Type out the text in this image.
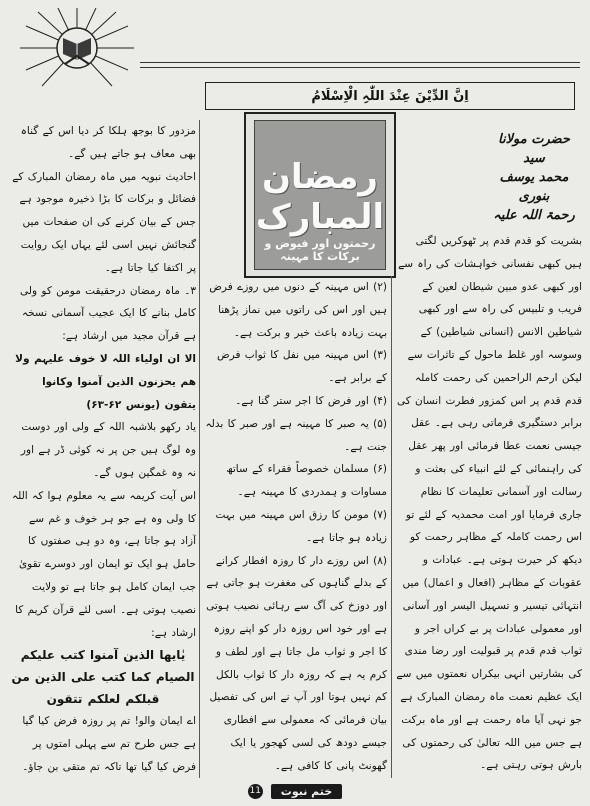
اِنَّ الدِّیْنَ عِنْدَ اللّٰہِ الْاِسْلَامُ
رمضان المبارک
رحمتوں اور فیوض و برکات کا مہینہ
حضرت مولانا سید
محمد یوسف بنوری
رحمۃ اللہ علیہ

بشریت کو قدم قدم پر ٹھوکریں لگتی ہیں کبھی نفسانی خواہشات کی راہ سے اور کبھی عدو مبین شیطان لعین کے فریب و تلبیس کی راہ سے اور کبھی شیاطین الانس (انسانی شیاطین) کے وسوسہ اور غلط ماحول کے تاثرات سے لیکن ارحم الراحمین کی رحمت کاملہ قدم قدم پر اس کمزور فطرت انسان کی برابر دستگیری فرماتی رہی ہے۔ عقل جیسی نعمت عطا فرمائی اور پھر عقل کی راہنمائی کے لئے انبیاء کی بعثت و رسالت اور آسمانی تعلیمات کا نظام جاری فرمایا اور امت محمدیہ کے لئے تو اس رحمت کاملہ کے مظاہر رحمت کو دیکھ کر حیرت ہوتی ہے۔ عبادات و عقوبات کے مظاہر (افعال و اعمال) میں انتہائی تیسیر و تسہیل الیسر اور آسانی اور معمولی عبادات پر بے کراں اجر و ثواب قدم قدم پر قبولیت اور رضا مندی کی بشارتیں انہی بیکراں نعمتوں میں سے ایک عظیم نعمت ماہ رمضان المبارک ہے جو نہی آیا ماہ رحمت ہے اور ماہ برکت ہے جس میں اللہ تعالیٰ کی رحمتوں کی بارش ہوتی رہتی ہے۔

(۲) اس مہینہ کے دنوں میں روزے فرض ہیں اور اس کی راتوں میں نماز پڑھنا بہت زیادہ باعث خیر و برکت ہے۔

(۳) اس مہینہ میں نفل کا ثواب فرض کے برابر ہے۔

(۴) اور فرض کا اجر ستر گنا ہے۔

(۵) یہ صبر کا مہینہ ہے اور صبر کا بدلہ جنت ہے۔

(۶) مسلمان خصوصاً فقراء کے ساتھ مساوات و ہمدردی کا مہینہ ہے۔

(۷) مومن کا رزق اس مہینہ میں بہت زیادہ ہو جاتا ہے۔

(۸) اس روزے دار کا روزہ افطار کرانے کے بدلے گناہوں کی مغفرت ہو جاتی ہے اور دوزخ کی آگ سے رہائی نصیب ہوتی ہے اور خود اس روزہ دار کو اپنے روزہ کا اجر و ثواب مل جاتا ہے اور لطف و کرم یہ ہے کہ روزہ دار کا ثواب بالکل کم نہیں ہوتا اور آپ نے اس کی تفصیل بیان فرمائی کہ معمولی سے افطاری جیسے دودھ کی لسی کھجور یا ایک گھونٹ پانی کا کافی ہے۔

مزدور کا بوجھ ہلکا کر دیا اس کے گناہ بھی معاف ہو جاتے ہیں گے۔

احادیث نبویہ میں ماہ رمضان المبارک کے فضائل و برکات کا بڑا ذخیرہ موجود ہے جس کے بیان کرنے کی ان صفحات میں گنجائش نہیں اسی لئے یہاں ایک روایت پر اکتفا کیا جاتا ہے۔

۳۔ ماہ رمضان درحقیقت مومن کو ولی کامل بنانے کا ایک عجیب آسمانی نسخہ ہے قرآن مجید میں ارشاد ہے:

الا ان اولیاء اللہ لا خوف علیہم ولا ھم یحزنون الذین آمنوا وکانوا یتقون (یونس ۶۲-۶۳)

یاد رکھو بلاشبہ اللہ کے ولی اور دوست وہ لوگ ہیں جن پر نہ کوئی ڈر ہے اور نہ وہ غمگین ہوں گے۔

اس آیت کریمہ سے یہ معلوم ہوا کہ اللہ کا ولی وہ ہے جو ہر خوف و غم سے آزاد ہو جاتا ہے، وہ دو ہی صفتوں کا حامل ہو ایک تو ایمان اور دوسرے تقویٰ جب ایمان کامل ہو جاتا ہے تو ولایت نصیب ہوتی ہے۔ اسی لئے قرآن کریم کا ارشاد ہے:

یٰایھا الذین آمنوا کتب علیکم الصیام کما کتب علی الذین من قبلکم لعلکم تتقون

اے ایمان والو! تم پر روزہ فرض کیا گیا ہے جس طرح تم سے پہلی امتوں پر فرض کیا گیا تھا تاکہ تم متقی بن جاؤ۔

11	ختم نبوت
